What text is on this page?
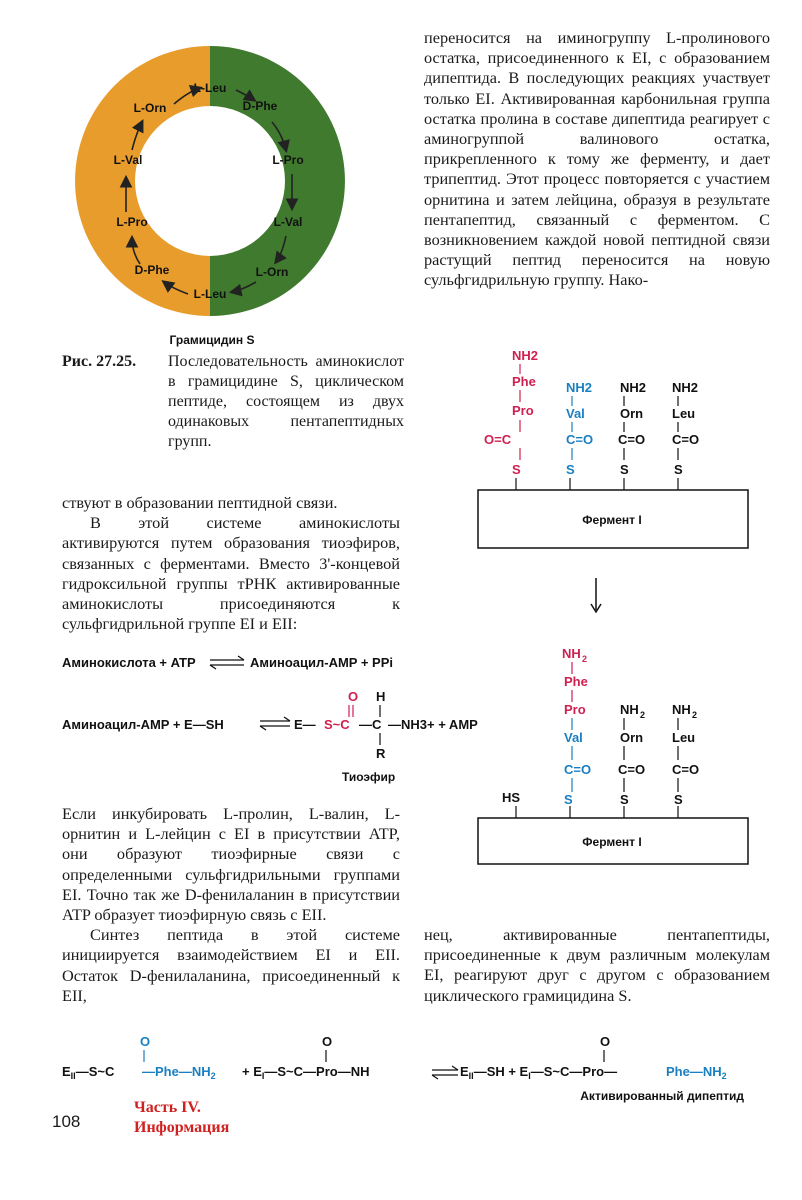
L-Leu
D-Phe
L-Pro
L-Val
L-Orn
L-Leu
D-Phe
L-Pro
L-Val
L-Orn
Грамицидин S
Рис. 27.25. Последовательность аминокислот в грамицидине S, циклическом пептиде, состоящем из двух одинаковых пентапептидных групп.

переносится на иминогруппу L-пролинового остатка, присоединенного к EI, с образованием дипептида. В последующих реакциях участвует только EI. Активированная карбонильная группа остатка пролина в составе дипептида реагирует с аминогруппой валинового остатка, прикрепленного к тому же ферменту, и дает трипептид. Этот процесс повторяется с участием орнитина и затем лейцина, образуя в результате пентапептид, связанный с ферментом. С возникновением каждой новой пептидной связи растущий пептид переносится на новую сульфгидрильную группу. Нако-

ствуют в образовании пептидной связи.

В этой системе аминокислоты активируются путем образования тиоэфиров, связанных с ферментами. Вместо 3'-концевой гидроксильной группы тРНК активированные аминокислоты присоединяются к сульфгидрильной группе EI и EII:

Аминокислота + ATP	Аминоацил-AMP + PPi
Аминоацил-AMP + E—SH	E— S~C
O
—C
H
—NH3+ + AMP
R
Тиоэфир

Если инкубировать L-пролин, L-валин, L-орнитин и L-лейцин с EI в присутствии ATP, они образуют тиоэфирные связи с определенными сульфгидрильными группами EI. Точно так же D-фенилаланин в присутствии ATP образует тиоэфирную связь с EII.

Синтез пептида в этой системе инициируется взаимодействием EI и EII. Остаток D-фенилаланина, присоединенный к EII,

NH2
Phe
Pro
O=C
S
NH2
Val
C=O
S
NH2
Orn
C=O
S
NH2
Leu
C=O
S
Фермент I
NH 2
Phe
Pro
Val
C=O
S
NH 2
Orn
C=O
S
NH 2
Leu
C=O
S
HS
Фермент I

нец, активированные пентапептиды, присоединенные к двум различным молекулам EI, реагируют друг с другом с образованием циклического грамицидина S.

$E_{II}—S\sim C$	+ $E_I—S\sim C—Pro—NH$	$E_{II}—SH$ + $E_I—S\sim C—Pro—$
$—Phe—NH_2$	$Phe—NH_2$
O	O	O
Активированный дипептид
108
Часть IV.
Информация
